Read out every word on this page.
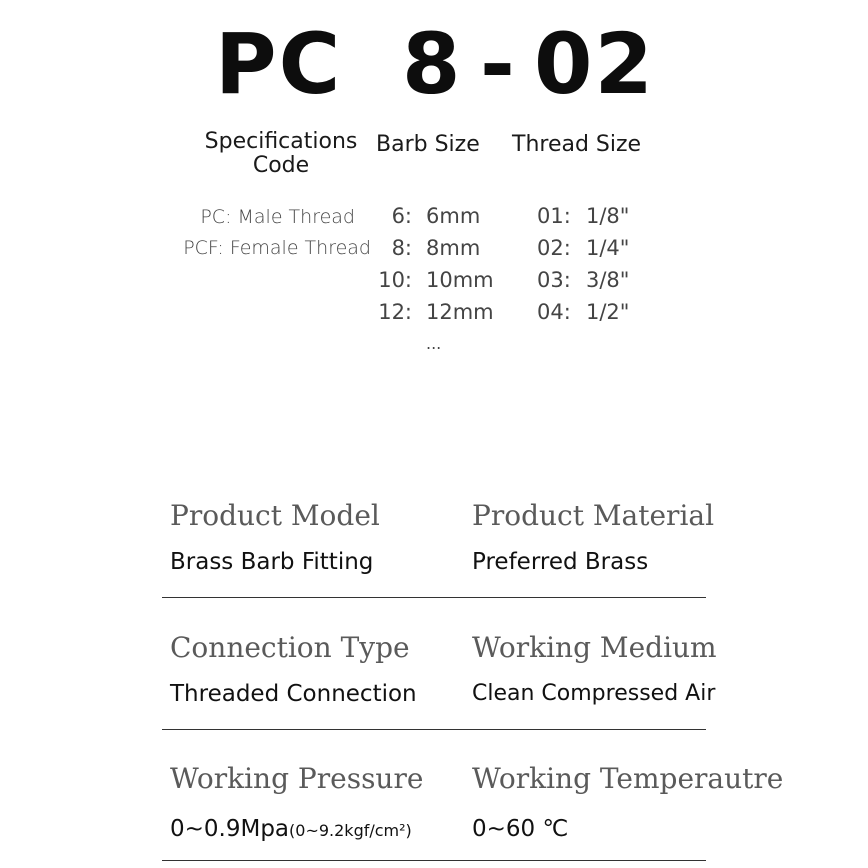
PC 8 - 02
Specifications
Code
Barb Size Thread Size
PC: Male Thread
PCF: Female Thread
6: 6mm
8: 8mm
10: 10mm
12: 12mm
...
01: 1/8"
02: 1/4"
03: 3/8"
04: 1/2"
Product Model
Brass Barb Fitting
Product Material
Preferred Brass
Connection Type
Threaded Connection
Working Medium
Clean Compressed Air
Working Pressure
0~0.9Mpa(0~9.2kgf/cm²)
Working Temperautre
0~60 ℃
